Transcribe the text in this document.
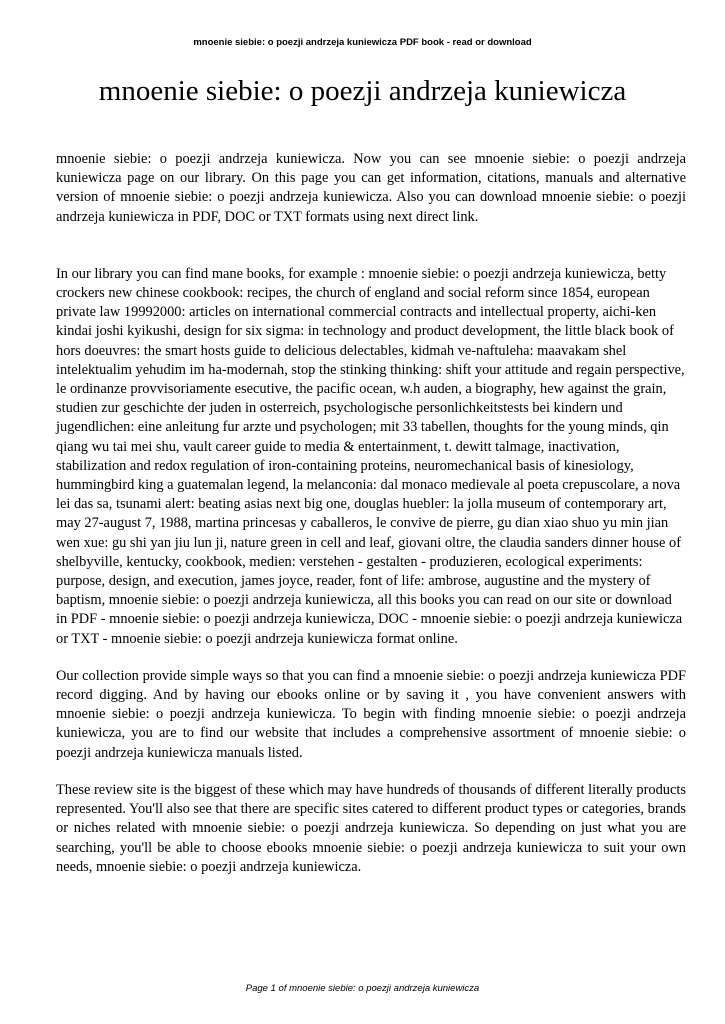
mnoenie siebie: o poezji andrzeja kuniewicza PDF book - read or download
mnoenie siebie: o poezji andrzeja kuniewicza

mnoenie siebie: o poezji andrzeja kuniewicza. Now you can see mnoenie siebie: o poezji andrzeja kuniewicza page on our library. On this page you can get information, citations, manuals and alternative version of mnoenie siebie: o poezji andrzeja kuniewicza. Also you can download mnoenie siebie: o poezji andrzeja kuniewicza in PDF, DOC or TXT formats using next direct link.

In our library you can find mane books, for example : mnoenie siebie: o poezji andrzeja kuniewicza, betty crockers new chinese cookbook: recipes, the church of england and social reform since 1854, european private law 19992000: articles on international commercial contracts and intellectual property, aichi-ken kindai joshi kyikushi, design for six sigma: in technology and product development, the little black book of hors doeuvres: the smart hosts guide to delicious delectables, kidmah ve-naftuleha: maavakam shel intelektualim yehudim im ha-modernah, stop the stinking thinking: shift your attitude and regain perspective, le ordinanze provvisoriamente esecutive, the pacific ocean, w.h auden, a biography, hew against the grain, studien zur geschichte der juden in osterreich, psychologische personlichkeitstests bei kindern und jugendlichen: eine anleitung fur arzte und psychologen; mit 33 tabellen, thoughts for the young minds, qin qiang wu tai mei shu, vault career guide to media & entertainment, t. dewitt talmage, inactivation, stabilization and redox regulation of iron-containing proteins, neuromechanical basis of kinesiology, hummingbird king a guatemalan legend, la melanconia: dal monaco medievale al poeta crepuscolare, a nova lei das sa, tsunami alert: beating asias next big one, douglas huebler: la jolla museum of contemporary art, may 27-august 7, 1988, martina princesas y caballeros, le convive de pierre, gu dian xiao shuo yu min jian wen xue: gu shi yan jiu lun ji, nature green in cell and leaf, giovani oltre, the claudia sanders dinner house of shelbyville, kentucky, cookbook, medien: verstehen - gestalten - produzieren, ecological experiments: purpose, design, and execution, james joyce, reader, font of life: ambrose, augustine and the mystery of baptism, mnoenie siebie: o poezji andrzeja kuniewicza, all this books you can read on our site or download in PDF - mnoenie siebie: o poezji andrzeja kuniewicza, DOC - mnoenie siebie: o poezji andrzeja kuniewicza or TXT - mnoenie siebie: o poezji andrzeja kuniewicza format online.

Our collection provide simple ways so that you can find a mnoenie siebie: o poezji andrzeja kuniewicza PDF record digging. And by having our ebooks online or by saving it , you have convenient answers with mnoenie siebie: o poezji andrzeja kuniewicza. To begin with finding mnoenie siebie: o poezji andrzeja kuniewicza, you are to find our website that includes a comprehensive assortment of mnoenie siebie: o poezji andrzeja kuniewicza manuals listed.

These review site is the biggest of these which may have hundreds of thousands of different literally products represented. You'll also see that there are specific sites catered to different product types or categories, brands or niches related with mnoenie siebie: o poezji andrzeja kuniewicza. So depending on just what you are searching, you'll be able to choose ebooks mnoenie siebie: o poezji andrzeja kuniewicza to suit your own needs, mnoenie siebie: o poezji andrzeja kuniewicza.

Page 1 of mnoenie siebie: o poezji andrzeja kuniewicza
